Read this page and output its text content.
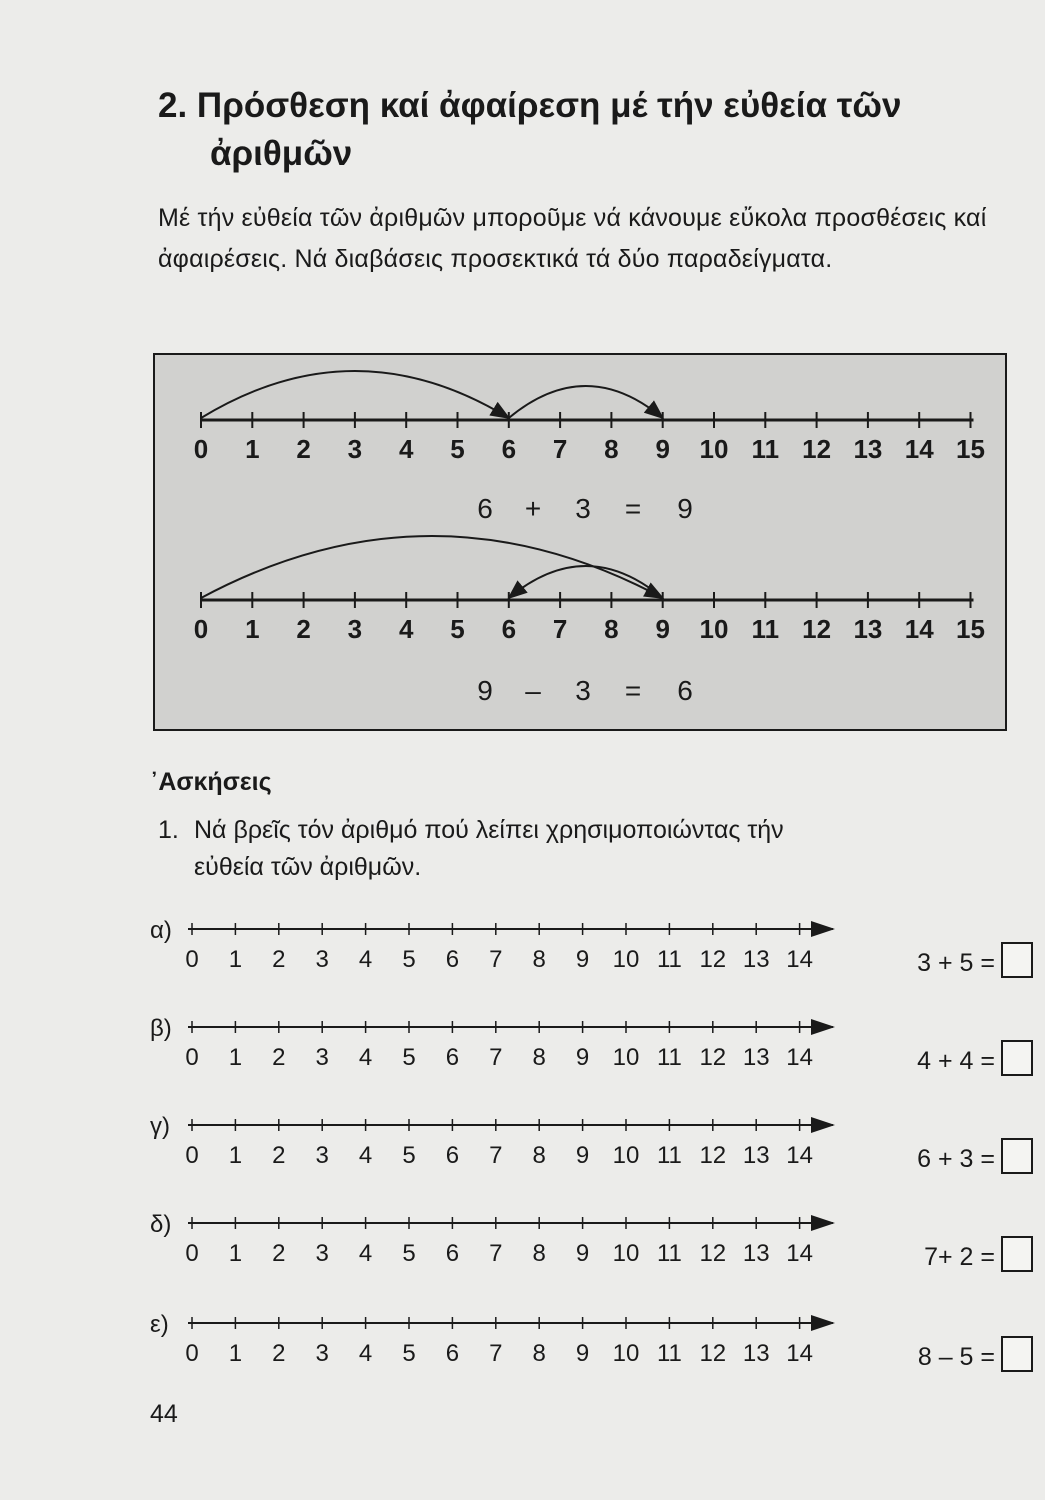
2. Πρόσθεση καί ἀφαίρεση μέ τήν εὐθεία τῶν
ἀριθμῶν

Μέ τήν εὐθεία τῶν ἀριθμῶν μπορoῦμε νά κάνουμε εὔκολα προσθέσεις καί ἀφαιρέσεις. Νά διαβάσεις προσεκτικά τά δύο παραδείγματα.

0 1 2 3 4 5 6 7 8 9 10 11 12 13 14 15
6 + 3 = 9
0 1 2 3 4 5 6 7 8 9 10 11 12 13 14 15
9 – 3 = 6
᾿Ασκήσεις

1. Νά βρεῖς τόν ἀριθμό πού λείπει χρησιμοποιώντας τήν
εὐθεία τῶν ἀριθμῶν.

α)
0 1 2 3 4 5 6 7 8 9 10 11 12 13 14	3 + 5 =
β)
0 1 2 3 4 5 6 7 8 9 10 11 12 13 14	4 + 4 =
γ)
0 1 2 3 4 5 6 7 8 9 10 11 12 13 14	6 + 3 =
δ)
0 1 2 3 4 5 6 7 8 9 10 11 12 13 14	7+ 2 =
ε)
0 1 2 3 4 5 6 7 8 9 10 11 12 13 14	8 – 5 =
44
